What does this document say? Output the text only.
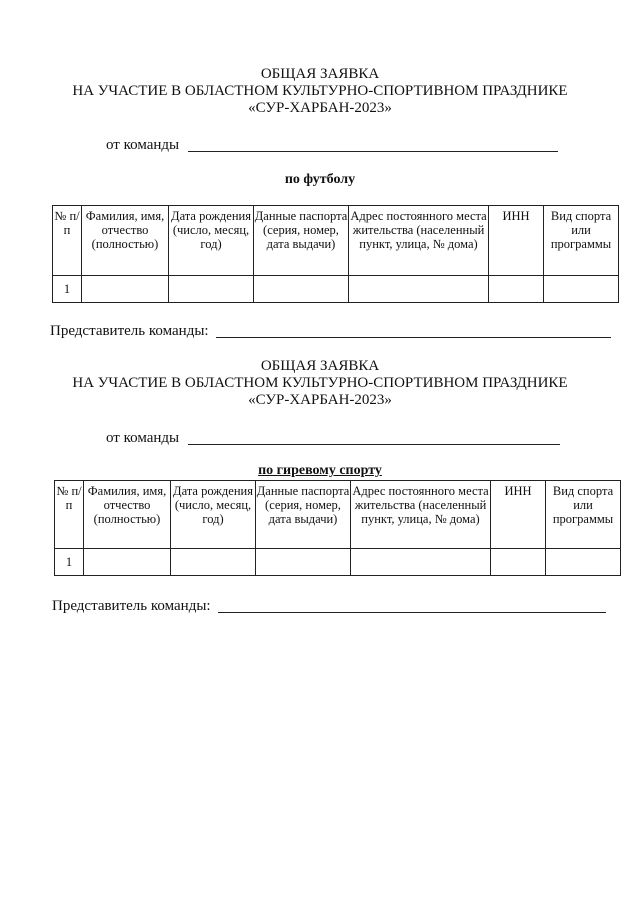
ОБЩАЯ ЗАЯВКА
НА УЧАСТИЕ В ОБЛАСТНОМ КУЛЬТУРНО-СПОРТИВНОМ ПРАЗДНИКЕ
«СУР-ХАРБАН-2023»
от команды
по футболу
№ п/п	Фамилия, имя, отчество (полностью)	Дата рождения (число, месяц, год)	Данные паспорта (серия, номер, дата выдачи)	Адрес постоянного места жительства (населенный пункт, улица, № дома)	ИНН	Вид спорта или программы
1						
Представитель команды:
ОБЩАЯ ЗАЯВКА
НА УЧАСТИЕ В ОБЛАСТНОМ КУЛЬТУРНО-СПОРТИВНОМ ПРАЗДНИКЕ
«СУР-ХАРБАН-2023»
от команды
по гиревому спорту
№ п/п	Фамилия, имя, отчество (полностью)	Дата рождения (число, месяц, год)	Данные паспорта (серия, номер, дата выдачи)	Адрес постоянного места жительства (населенный пункт, улица, № дома)	ИНН	Вид спорта или программы
1						
Представитель команды:
